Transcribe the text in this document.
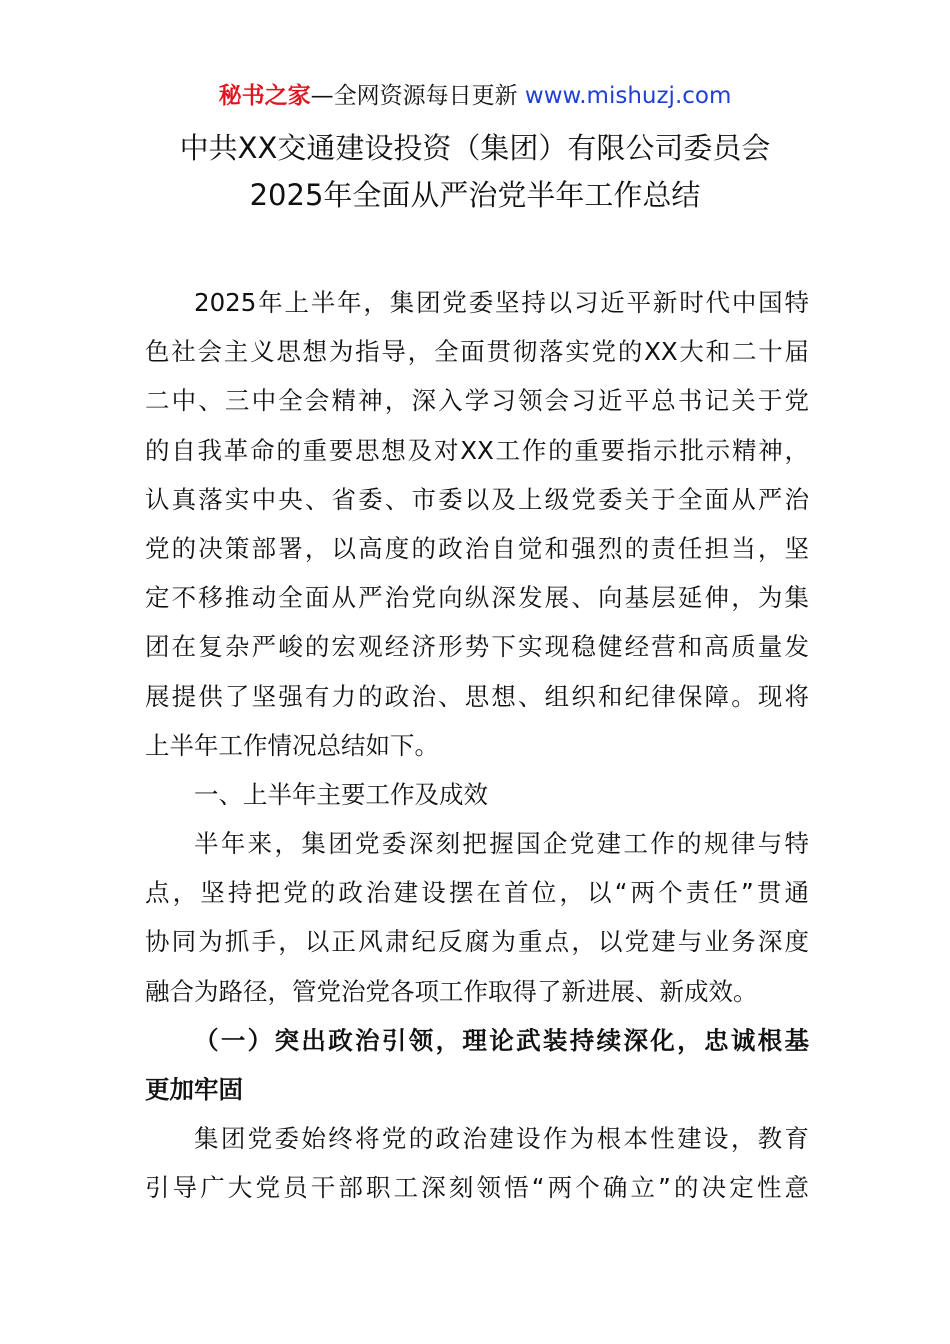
秘书之家—全网资源每日更新 www.mishuzj.com
中共XX交通建设投资（集团）有限公司委员会
2025年全面从严治党半年工作总结
2025年上半年，集团党委坚持以习近平新时代中国特
色社会主义思想为指导，全面贯彻落实党的XX大和二十届
二中、三中全会精神，深入学习领会习近平总书记关于党
的自我革命的重要思想及对XX工作的重要指示批示精神，
认真落实中央、省委、市委以及上级党委关于全面从严治
党的决策部署，以高度的政治自觉和强烈的责任担当，坚
定不移推动全面从严治党向纵深发展、向基层延伸，为集
团在复杂严峻的宏观经济形势下实现稳健经营和高质量发
展提供了坚强有力的政治、思想、组织和纪律保障。现将
上半年工作情况总结如下。
一、上半年主要工作及成效
半年来，集团党委深刻把握国企党建工作的规律与特
点，坚持把党的政治建设摆在首位，以“两个责任”贯通
协同为抓手，以正风肃纪反腐为重点，以党建与业务深度
融合为路径，管党治党各项工作取得了新进展、新成效。
（一）突出政治引领，理论武装持续深化，忠诚根基
更加牢固
集团党委始终将党的政治建设作为根本性建设，教育
引导广大党员干部职工深刻领悟“两个确立”的决定性意
